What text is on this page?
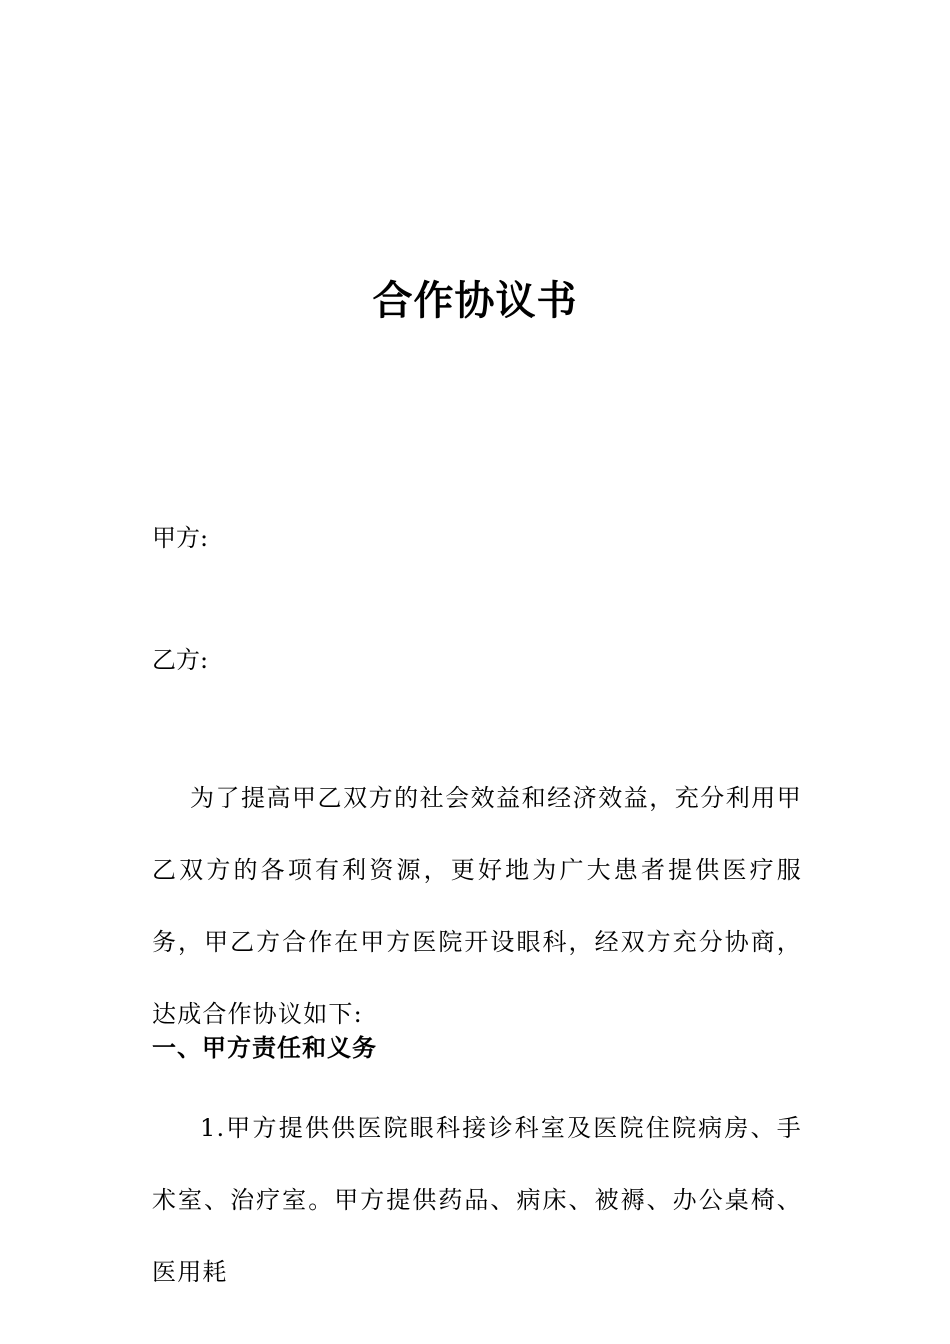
合作协议书
甲方:
乙方:

为了提高甲乙双方的社会效益和经济效益，充分利用甲乙双方的各项有利资源，更好地为广大患者提供医疗服务，甲乙方合作在甲方医院开设眼科，经双方充分协商，达成合作协议如下:

一、甲方责任和义务

1.甲方提供供医院眼科接诊科室及医院住院病房、手术室、治疗室。甲方提供药品、病床、被褥、办公桌椅、医用耗
